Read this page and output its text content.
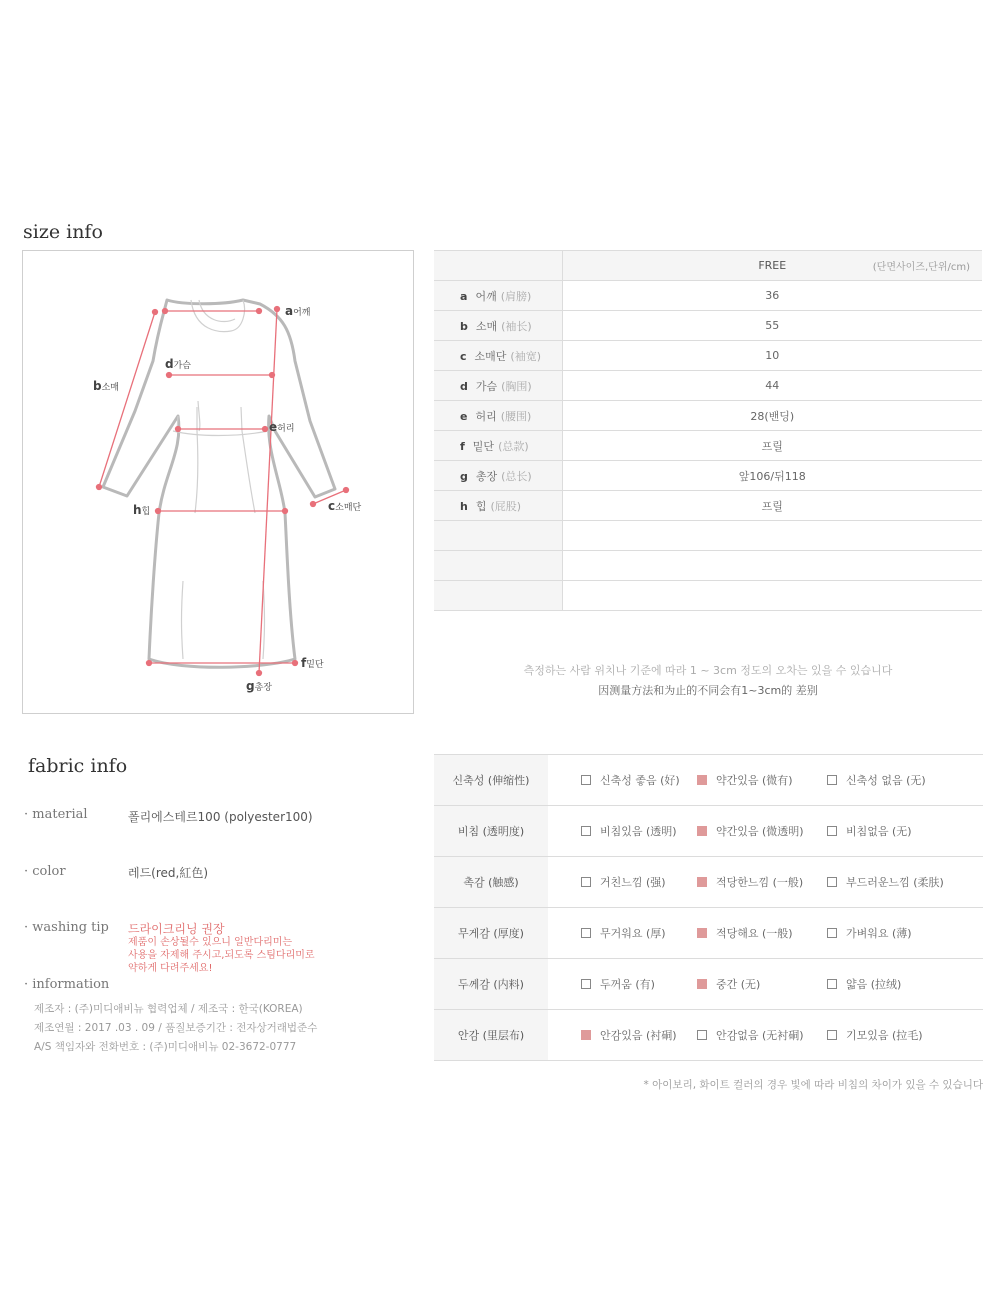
size info
a어깨
b소매
c소매단
d가슴
e허리
f밑단
g총장
h힙
	FREE (단면사이즈,단위/cm)

a 어깨 (肩膀)	36
b 소매 (袖长)	55
c 소매단 (袖宽)	10
d 가슴 (胸围)	44
e 허리 (腰围)	28(밴딩)
f 밑단 (总款)	프릴
g 총장 (总长)	앞106/뒤118
h 힙 (屁股)	프릴

측정하는 사람 위치나 기준에 따라 1 ~ 3cm 정도의 오차는 있을 수 있습니다
因测量方法和为止的不同会有1~3cm的 差别
fabric info
· material	폴리에스테르100 (polyester100)
· color	레드(red,紅色)
· washing tip 드라이크리닝 권장
제품이 손상될수 있으니 일반다리미는
사용을 자제해 주시고,되도록 스팀다리미로
약하게 다려주세요!
· information
제조자 : (주)미디애비뉴 협력업체 / 제조국 : 한국(KOREA)
제조연월 : 2017 .03 . 09 / 품질보증기간 : 전자상거래법준수
A/S 책임자와 전화번호 : (주)미디애비뉴 02-3672-0777
신축성 (伸缩性)	신축성 좋음 (好) 약간있음 (微有) 신축성 없음 (无)
비침 (透明度)	비침있음 (透明) 약간있음 (微透明) 비침없음 (无)
촉감 (触感)	거친느낌 (强) 적당한느낌 (一般) 부드러운느낌 (柔肤)
무게감 (厚度)	무거워요 (厚) 적당해요 (一般) 가벼워요 (薄)
두께감 (内料)	두꺼움 (有) 중간 (无) 얇음 (拉绒)
안감 (里层布)	안감있음 (衬硐) 안감없음 (无衬硐) 기모있음 (拉毛)
* 아이보리, 화이트 컬러의 경우 빛에 따라 비침의 차이가 있을 수 있습니다
